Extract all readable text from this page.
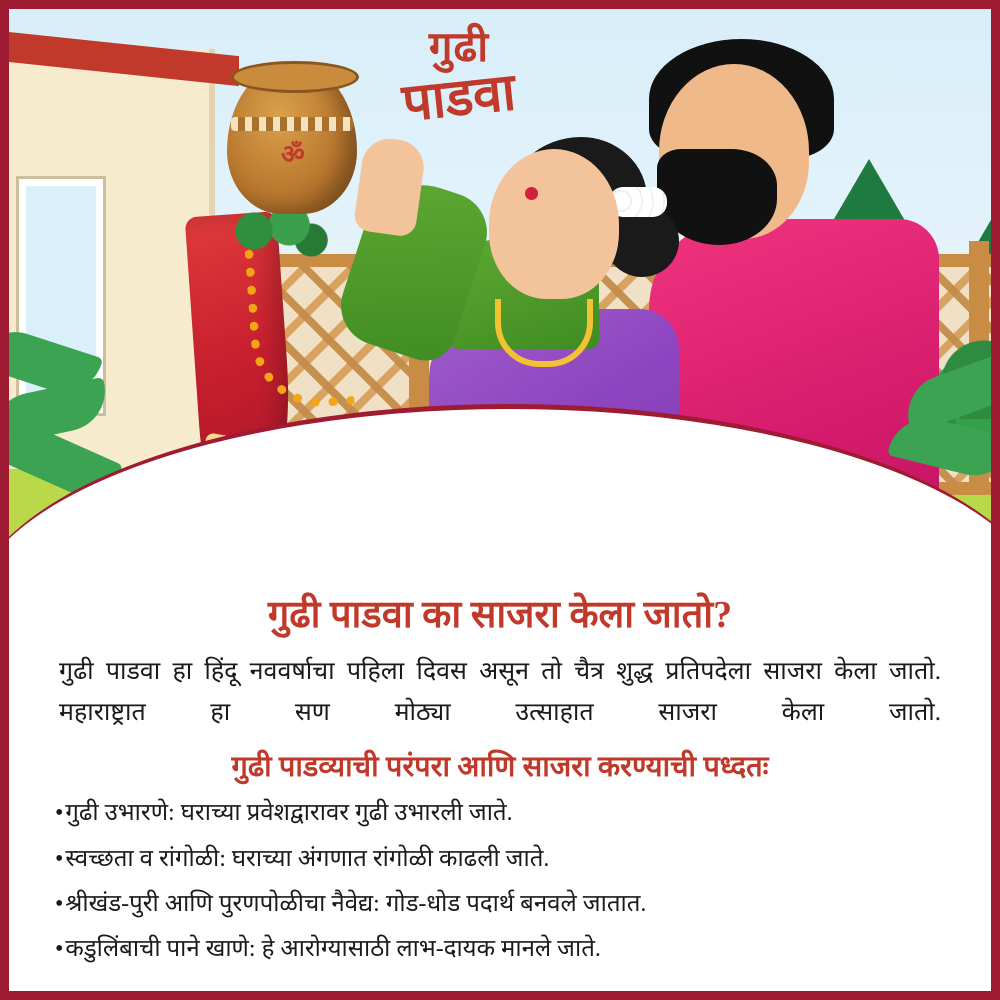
ॐ
गुढी
पाडवा
गुढी पाडवा का साजरा केला जातो?
गुढी पाडवा हा हिंदू नववर्षाचा पहिला दिवस असून तो चैत्र शुद्ध प्रतिपदेला साजरा केला जातो. महाराष्ट्रात हा सण मोठ्या उत्साहात साजरा केला जातो.
गुढी पाडव्याची परंपरा आणि साजरा करण्याची पध्दतः
• गुढी उभारणे: घराच्या प्रवेशद्वारावर गुढी उभारली जाते.
• स्वच्छता व रांगोळी: घराच्या अंगणात रांगोळी काढली जाते.
• श्रीखंड-पुरी आणि पुरणपोळीचा नैवेद्य: गोड-धोड पदार्थ बनवले जातात.
• कडुलिंबाची पाने खाणे: हे आरोग्यासाठी लाभ-दायक मानले जाते.
